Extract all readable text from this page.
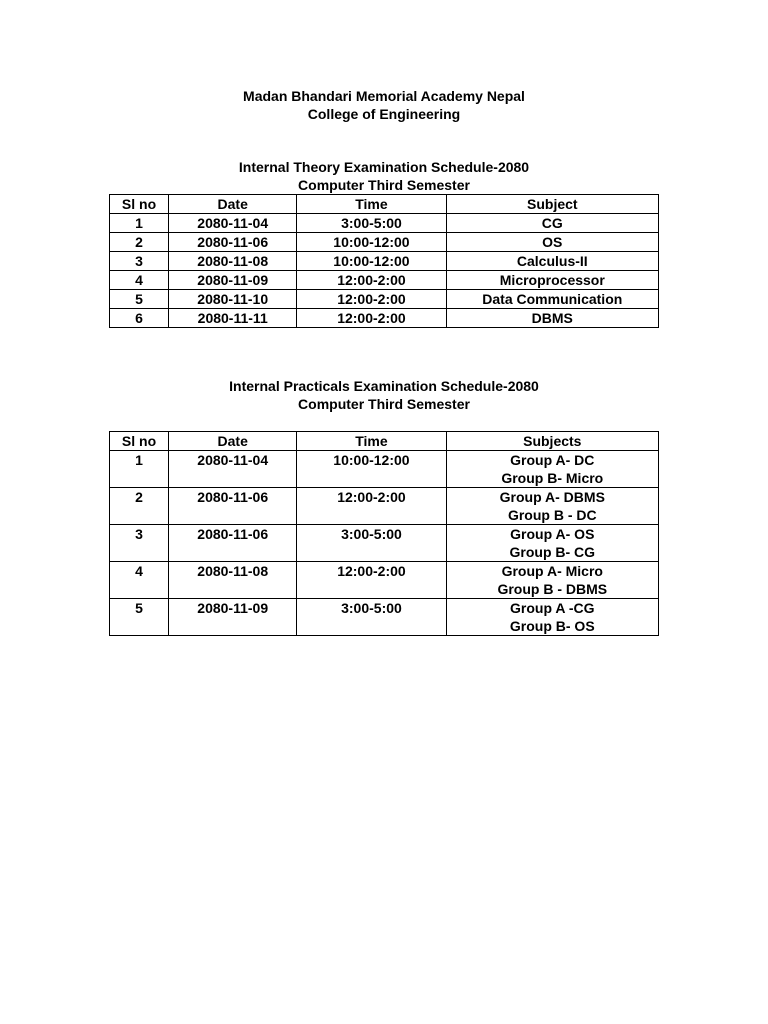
Madan Bhandari Memorial Academy Nepal
College of Engineering
Internal Theory Examination Schedule-2080
Computer Third Semester
Sl no	Date	Time	Subject
1	2080-11-04	3:00-5:00	CG
2	2080-11-06	10:00-12:00	OS
3	2080-11-08	10:00-12:00	Calculus-II
4	2080-11-09	12:00-2:00	Microprocessor
5	2080-11-10	12:00-2:00	Data Communication
6	2080-11-11	12:00-2:00	DBMS
Internal Practicals Examination Schedule-2080
Computer Third Semester
Sl no	Date	Time	Subjects
1	2080-11-04	10:00-12:00	Group A- DC
Group B- Micro

2	2080-11-06	12:00-2:00	Group A- DBMS
Group B - DC

3	2080-11-06	3:00-5:00	Group A- OS
Group B- CG

4	2080-11-08	12:00-2:00	Group A- Micro
Group B - DBMS

5	2080-11-09	3:00-5:00	Group A -CG
Group B- OS
